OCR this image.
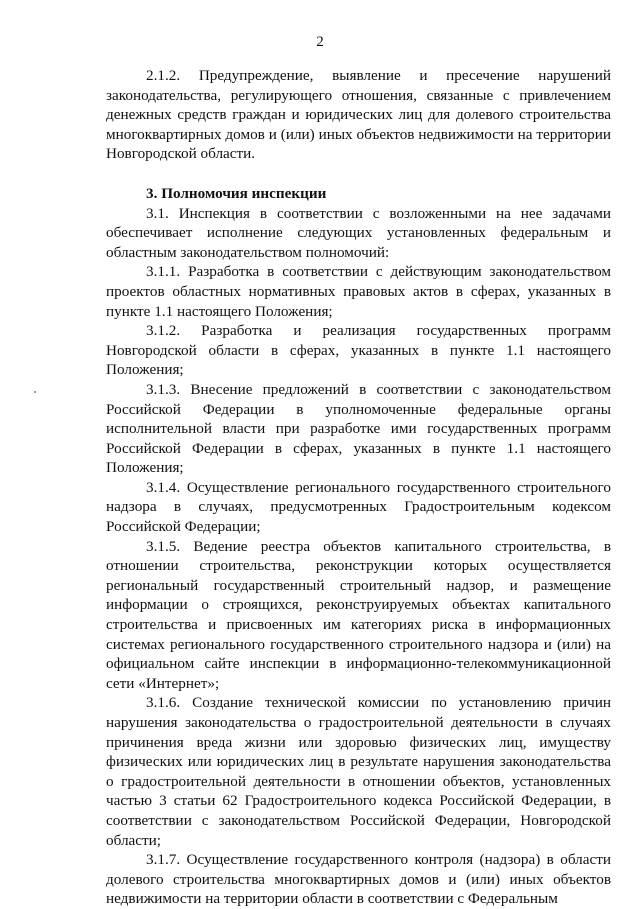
2

2.1.2. Предупреждение, выявление и пресечение нарушений законодательства, регулирующего отношения, связанные с привлечением денежных средств граждан и юридических лиц для долевого строительства многоквартирных домов и (или) иных объектов недвижимости на территории Новгородской области.

3. Полномочия инспекции

3.1. Инспекция в соответствии с возложенными на нее задачами обеспечивает исполнение следующих установленных федеральным и областным законодательством полномочий:

3.1.1. Разработка в соответствии с действующим законодательством проектов областных нормативных правовых актов в сферах, указанных в пункте 1.1 настоящего Положения;

3.1.2. Разработка и реализация государственных программ Новгородской области в сферах, указанных в пункте 1.1 настоящего Положения;

3.1.3. Внесение предложений в соответствии с законодательством Российской Федерации в уполномоченные федеральные органы исполнительной власти при разработке ими государственных программ Российской Федерации в сферах, указанных в пункте 1.1 настоящего Положения;

3.1.4. Осуществление регионального государственного строительного надзора в случаях, предусмотренных Градостроительным кодексом Российской Федерации;

3.1.5. Ведение реестра объектов капитального строительства, в отношении строительства, реконструкции которых осуществляется региональный государственный строительный надзор, и размещение информации о строящихся, реконструируемых объектах капитального строительства и присвоенных им категориях риска в информационных системах регионального государственного строительного надзора и (или) на официальном сайте инспекции в информационно-телекоммуникационной сети «Интернет»;

3.1.6. Создание технической комиссии по установлению причин нарушения законодательства о градостроительной деятельности в случаях причинения вреда жизни или здоровью физических лиц, имуществу физических или юридических лиц в результате нарушения законодательства о градостроительной деятельности в отношении объектов, установленных частью 3 статьи 62 Градостроительного кодекса Российской Федерации, в соответствии с законодательством Российской Федерации, Новгородской области;

3.1.7. Осуществление государственного контроля (надзора) в области долевого строительства многоквартирных домов и (или) иных объектов недвижимости на территории области в соответствии с Федеральным
